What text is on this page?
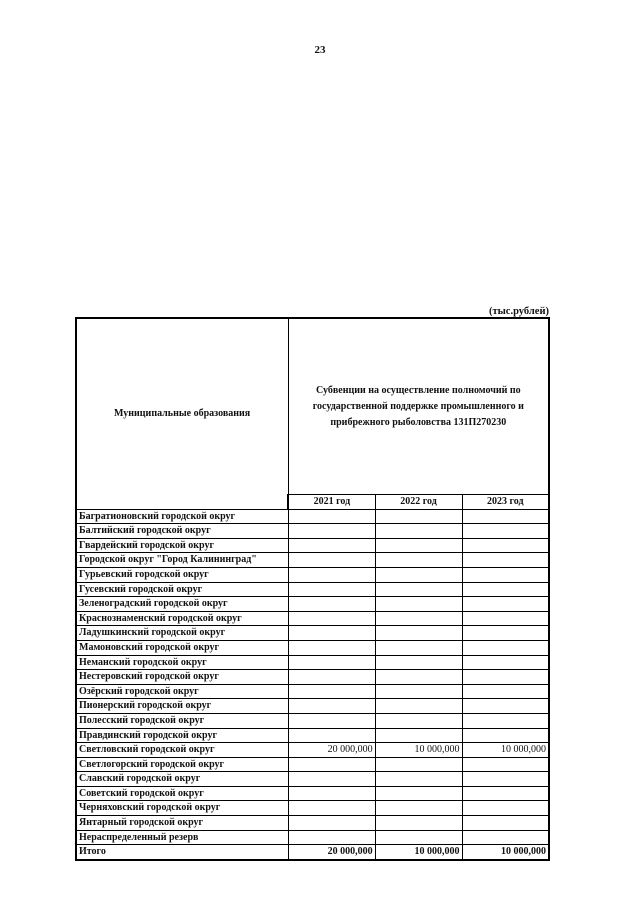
23
(тыс.рублей)
Муниципальные образования	Субвенции на осуществление полномочий по государственной поддержке промышленного и прибрежного рыболовства 131П270230		
	2021 год	2022 год	2023 год
Багратионовский городской округ			
Балтийский городской округ			
Гвардейский городской округ			
Городской округ "Город Калининград"			
Гурьевский городской округ			
Гусевский городской округ			
Зеленоградский городской округ			
Краснознаменский городской округ			
Ладушкинский городской округ			
Мамоновский городской округ			
Неманский городской округ			
Нестеровский городской округ			
Озёрский городской округ			
Пионерский городской округ			
Полесский городской округ			
Правдинский городской округ			
Светловский городской округ	20 000,000	10 000,000	10 000,000
Светлогорский городской округ			
Славский городской округ			
Советский городской округ			
Черняховский городской округ			
Янтарный городской округ			
Нераспределенный резерв			
Итого	20 000,000	10 000,000	10 000,000
